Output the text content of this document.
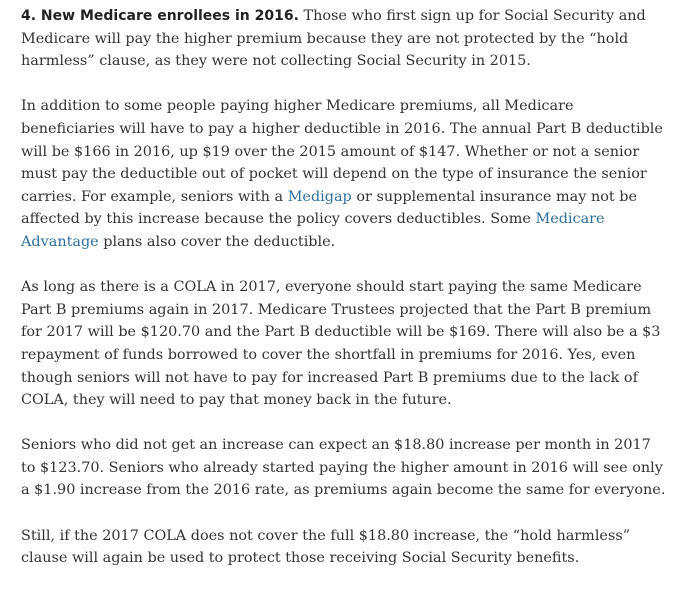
4. New Medicare enrollees in 2016. Those who first sign up for Social Security and Medicare will pay the higher premium because they are not protected by the “hold harmless” clause, as they were not collecting Social Security in 2015.

In addition to some people paying higher Medicare premiums, all Medicare beneficiaries will have to pay a higher deductible in 2016. The annual Part B deductible will be $166 in 2016, up $19 over the 2015 amount of $147. Whether or not a senior must pay the deductible out of pocket will depend on the type of insurance the senior carries. For example, seniors with a Medigap or supplemental insurance may not be affected by this increase because the policy covers deductibles. Some Medicare Advantage plans also cover the deductible.

As long as there is a COLA in 2017, everyone should start paying the same Medicare Part B premiums again in 2017. Medicare Trustees projected that the Part B premium for 2017 will be $120.70 and the Part B deductible will be $169. There will also be a $3 repayment of funds borrowed to cover the shortfall in premiums for 2016. Yes, even though seniors will not have to pay for increased Part B premiums due to the lack of COLA, they will need to pay that money back in the future.

Seniors who did not get an increase can expect an $18.80 increase per month in 2017 to $123.70. Seniors who already started paying the higher amount in 2016 will see only a $1.90 increase from the 2016 rate, as premiums again become the same for everyone.

Still, if the 2017 COLA does not cover the full $18.80 increase, the “hold harmless” clause will again be used to protect those receiving Social Security benefits.
